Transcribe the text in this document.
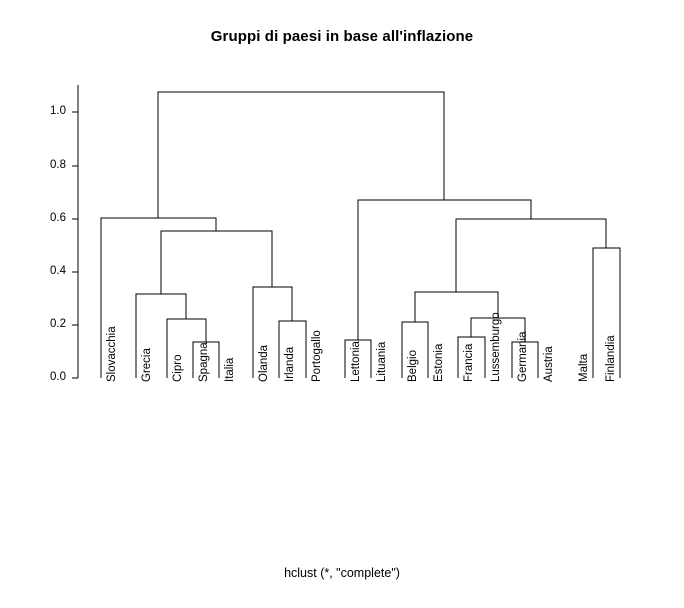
Gruppi di paesi in base all'inflazione
0.0
0.2
0.4
0.6
0.8
1.0
Slovacchia Grecia Cipro Spagna Italia Olanda Irlanda Portogallo Lettonia Lituania Belgio Estonia Francia Lussemburgo Germania Austria Malta Finlandia
hclust (*, "complete")
